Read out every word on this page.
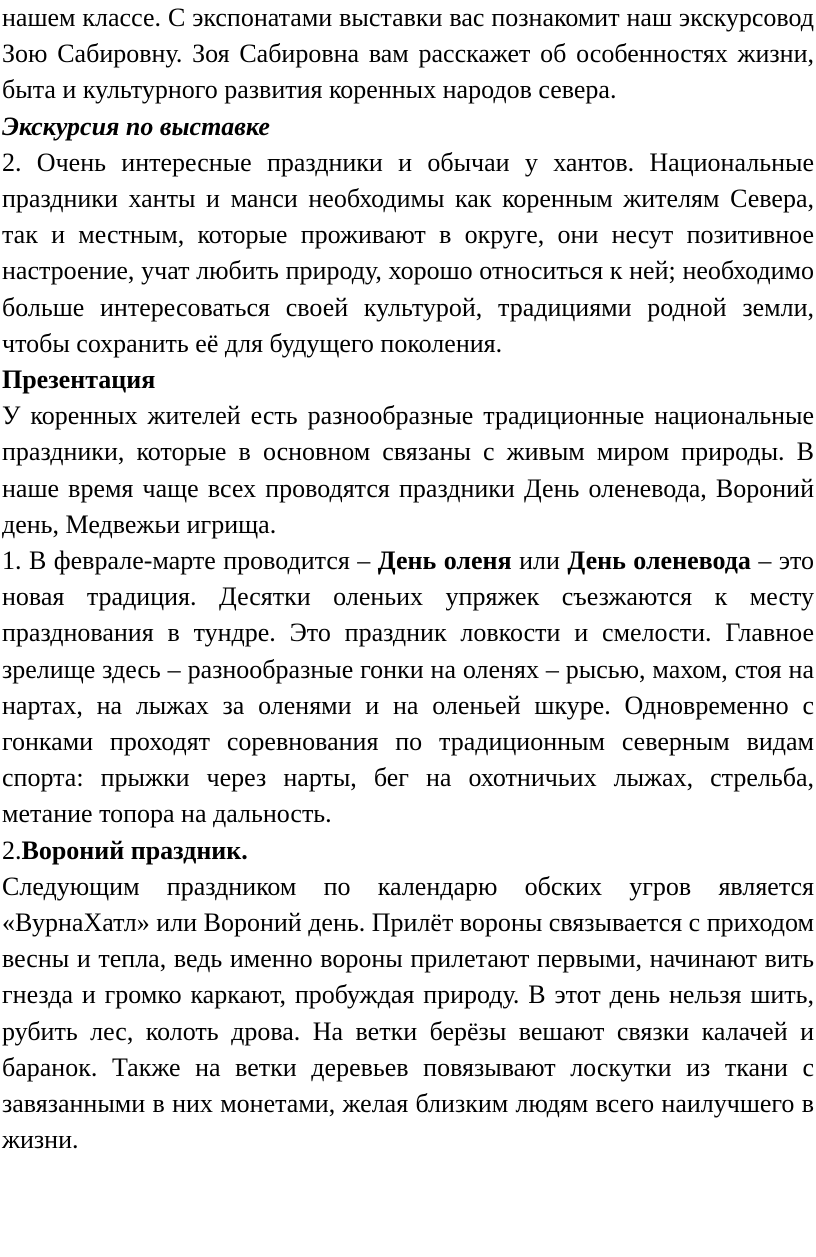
нашем классе. С экспонатами выставки вас познакомит наш экскурсовод Зою Сабировну. Зоя Сабировна вам расскажет об особенностях жизни, быта и культурного развития коренных народов севера.

Экскурсия по выставке

2. Очень интересные праздники и обычаи у хантов. Национальные праздники ханты и манси необходимы как коренным жителям Севера, так и местным, которые проживают в округе, они несут позитивное настроение, учат любить природу, хорошо относиться к ней; необходимо больше интересоваться своей культурой, традициями родной земли, чтобы сохранить её для будущего поколения.

Презентация

У коренных жителей есть разнообразные традиционные национальные праздники, которые в основном связаны с живым миром природы. В наше время чаще всех проводятся праздники День оленевода, Вороний день, Медвежьи игрища.

1. В феврале-марте проводится – День оленя или День оленевода – это новая традиция. Десятки оленьих упряжек съезжаются к месту празднования в тундре. Это праздник ловкости и смелости. Главное зрелище здесь – разнообразные гонки на оленях – рысью, махом, стоя на нартах, на лыжах за оленями и на оленьей шкуре. Одновременно с гонками проходят соревнования по традиционным северным видам спорта: прыжки через нарты, бег на охотничьих лыжах, стрельба, метание топора на дальность.

2.Вороний праздник.

Следующим праздником по календарю обских угров является «ВурнаХатл» или Вороний день. Прилёт вороны связывается с приходом весны и тепла, ведь именно вороны прилетают первыми, начинают вить гнезда и громко каркают, пробуждая природу. В этот день нельзя шить, рубить лес, колоть дрова. На ветки берёзы вешают связки калачей и баранок. Также на ветки деревьев повязывают лоскутки из ткани с завязанными в них монетами, желая близким людям всего наилучшего в жизни.
